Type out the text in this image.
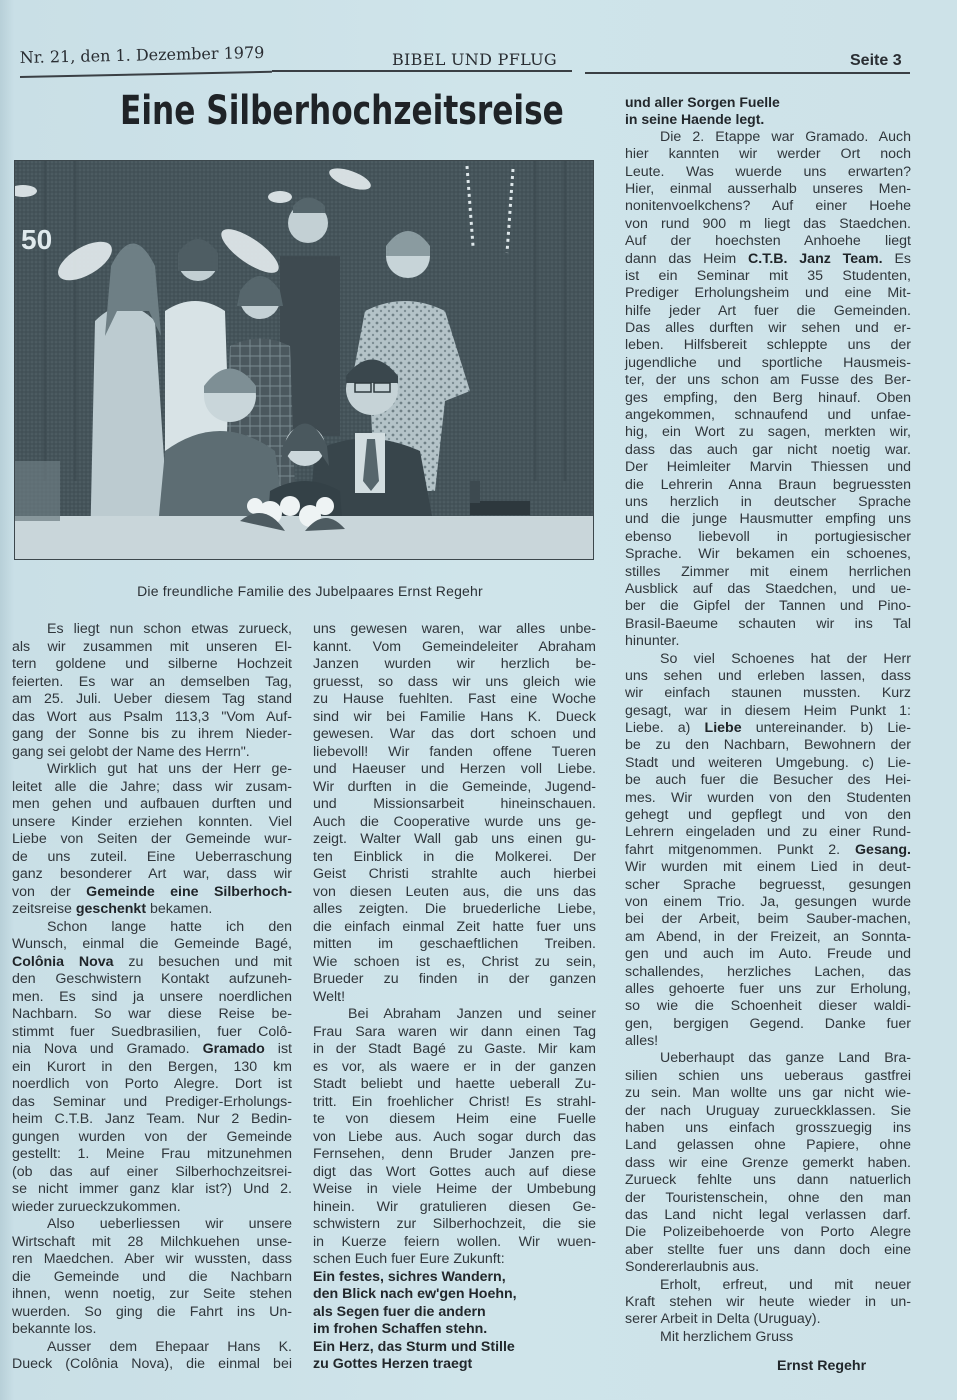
Nr. 21, den 1. Dezember 1979	BIBEL UND PFLUG	Seite 3
Eine Silberhochzeitsreise
50
Die freundliche Familie des Jubelpaares Ernst Regehr
Es liegt nun schon etwas zurueck,
als wir zusammen mit unseren El-
tern goldene und silberne Hochzeit
feierten. Es war an demselben Tag,
am 25. Juli. Ueber diesem Tag stand
das Wort aus Psalm 113,3 "Vom Auf-
gang der Sonne bis zu ihrem Nieder-
gang sei gelobt der Name des Herrn".
Wirklich gut hat uns der Herr ge-
leitet alle die Jahre; dass wir zusam-
men gehen und aufbauen durften und
unsere Kinder erziehen konnten. Viel
Liebe von Seiten der Gemeinde wur-
de uns zuteil. Eine Ueberraschung
ganz besonderer Art war, dass wir
von der Gemeinde eine Silberhoch-
zeitsreise geschenkt bekamen.
Schon lange hatte ich den
Wunsch, einmal die Gemeinde Bagé,
Colônia Nova zu besuchen und mit
den Geschwistern Kontakt aufzuneh-
men. Es sind ja unsere noerdlichen
Nachbarn. So war diese Reise be-
stimmt fuer Suedbrasilien, fuer Colô-
nia Nova und Gramado. Gramado ist
ein Kurort in den Bergen, 130 km
noerdlich von Porto Alegre. Dort ist
das Seminar und Prediger-Erholungs-
heim C.T.B. Janz Team. Nur 2 Bedin-
gungen wurden von der Gemeinde
gestellt: 1. Meine Frau mitzunehmen
(ob das auf einer Silberhochzeitsrei-
se nicht immer ganz klar ist?) Und 2.
wieder zurueckzukommen.
Also ueberliessen wir unsere
Wirtschaft mit 28 Milchkuehen unse-
ren Maedchen. Aber wir wussten, dass
die Gemeinde und die Nachbarn
ihnen, wenn noetig, zur Seite stehen
wuerden. So ging die Fahrt ins Un-
bekannte los.
Ausser dem Ehepaar Hans K.
Dueck (Colônia Nova), die einmal bei
uns gewesen waren, war alles unbe-
kannt. Vom Gemeindeleiter Abraham
Janzen wurden wir herzlich be-
gruesst, so dass wir uns gleich wie
zu Hause fuehlten. Fast eine Woche
sind wir bei Familie Hans K. Dueck
gewesen. War das dort schoen und
liebevoll! Wir fanden offene Tueren
und Haeuser und Herzen voll Liebe.
Wir durften in die Gemeinde, Jugend-
und Missionsarbeit hineinschauen.
Auch die Cooperative wurde uns ge-
zeigt. Walter Wall gab uns einen gu-
ten Einblick in die Molkerei. Der
Geist Christi strahlte auch hierbei
von diesen Leuten aus, die uns das
alles zeigten. Die bruederliche Liebe,
die einfach einmal Zeit hatte fuer uns
mitten im geschaeftlichen Treiben.
Wie schoen ist es, Christ zu sein,
Brueder zu finden in der ganzen
Welt!
Bei Abraham Janzen und seiner
Frau Sara waren wir dann einen Tag
in der Stadt Bagé zu Gaste. Mir kam
es vor, als waere er in der ganzen
Stadt beliebt und haette ueberall Zu-
tritt. Ein froehlicher Christ! Es strahl-
te von diesem Heim eine Fuelle
von Liebe aus. Auch sogar durch das
Fernsehen, denn Bruder Janzen pre-
digt das Wort Gottes auch auf diese
Weise in viele Heime der Umbebung
hinein. Wir gratulieren diesen Ge-
schwistern zur Silberhochzeit, die sie
in Kuerze feiern wollen. Wir wuen-
schen Euch fuer Eure Zukunft:
Ein festes, sichres Wandern,
den Blick nach ew'gen Hoehn,
als Segen fuer die andern
im frohen Schaffen stehn.
Ein Herz, das Sturm und Stille
zu Gottes Herzen traegt
und aller Sorgen Fuelle
in seine Haende legt.
Die 2. Etappe war Gramado. Auch
hier kannten wir werder Ort noch
Leute. Was wuerde uns erwarten?
Hier, einmal ausserhalb unseres Men-
nonitenvoelkchens? Auf einer Hoehe
von rund 900 m liegt das Staedchen.
Auf der hoechsten Anhoehe liegt
dann das Heim C.T.B. Janz Team. Es
ist ein Seminar mit 35 Studenten,
Prediger Erholungsheim und eine Mit-
hilfe jeder Art fuer die Gemeinden.
Das alles durften wir sehen und er-
leben. Hilfsbereit schleppte uns der
jugendliche und sportliche Hausmeis-
ter, der uns schon am Fusse des Ber-
ges empfing, den Berg hinauf. Oben
angekommen, schnaufend und unfae-
hig, ein Wort zu sagen, merkten wir,
dass das auch gar nicht noetig war.
Der Heimleiter Marvin Thiessen und
die Lehrerin Anna Braun begruessten
uns herzlich in deutscher Sprache
und die junge Hausmutter empfing uns
ebenso liebevoll in portugiesischer
Sprache. Wir bekamen ein schoenes,
stilles Zimmer mit einem herrlichen
Ausblick auf das Staedchen, und ue-
ber die Gipfel der Tannen und Pino-
Brasil-Baeume schauten wir ins Tal
hinunter.
So viel Schoenes hat der Herr
uns sehen und erleben lassen, dass
wir einfach staunen mussten. Kurz
gesagt, war in diesem Heim Punkt 1:
Liebe. a) Liebe untereinander. b) Lie-
be zu den Nachbarn, Bewohnern der
Stadt und weiteren Umgebung. c) Lie-
be auch fuer die Besucher des Hei-
mes. Wir wurden von den Studenten
gehegt und gepflegt und von den
Lehrern eingeladen und zu einer Rund-
fahrt mitgenommen. Punkt 2. Gesang.
Wir wurden mit einem Lied in deut-
scher Sprache begruesst, gesungen
von einem Trio. Ja, gesungen wurde
bei der Arbeit, beim Sauber-machen,
am Abend, in der Freizeit, an Sonnta-
gen und auch im Auto. Freude und
schallendes, herzliches Lachen, das
alles gehoerte fuer uns zur Erholung,
so wie die Schoenheit dieser waldi-
gen, bergigen Gegend. Danke fuer
alles!
Ueberhaupt das ganze Land Bra-
silien schien uns ueberaus gastfrei
zu sein. Man wollte uns gar nicht wie-
der nach Uruguay zurueckklassen. Sie
haben uns einfach grosszuegig ins
Land gelassen ohne Papiere, ohne
dass wir eine Grenze gemerkt haben.
Zurueck fehlte uns dann natuerlich
der Touristenschein, ohne den man
das Land nicht legal verlassen darf.
Die Polizeibehoerde von Porto Alegre
aber stellte fuer uns dann doch eine
Sondererlaubnis aus.
Erholt, erfreut, und mit neuer
Kraft stehen wir heute wieder in un-
serer Arbeit in Delta (Uruguay).
Mit herzlichem Gruss
Ernst Regehr
